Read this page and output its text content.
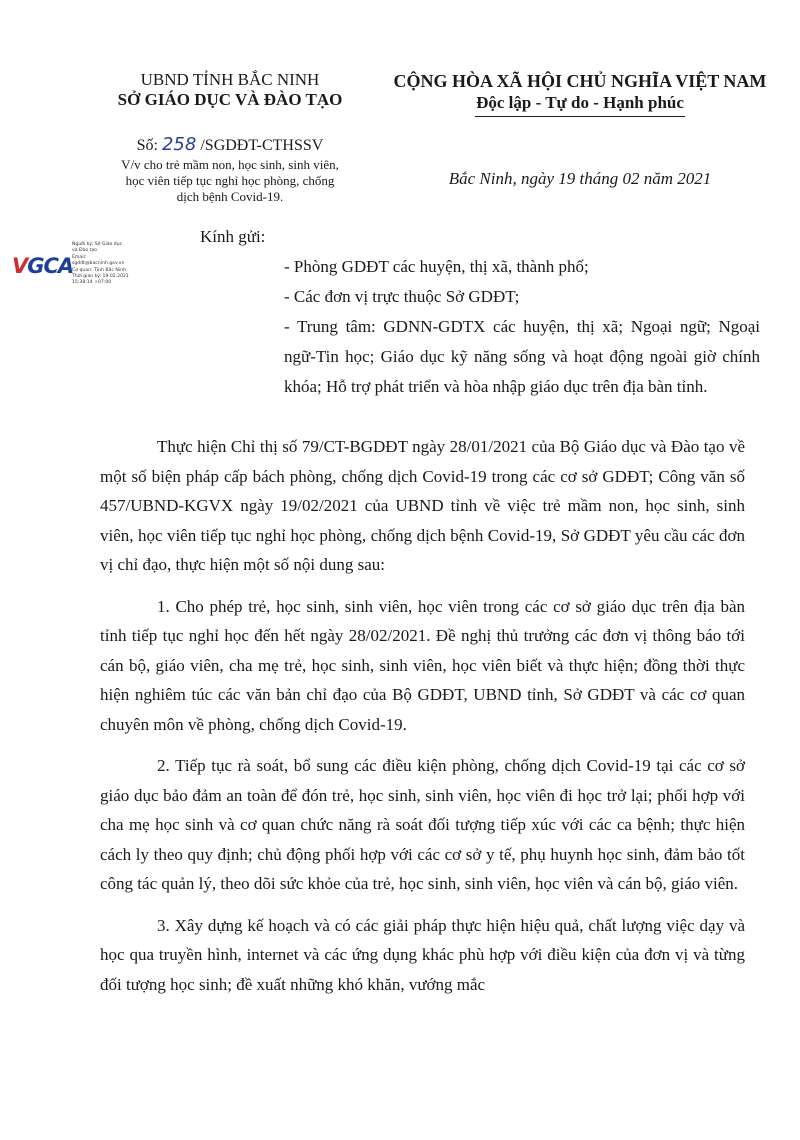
UBND TỈNH BẮC NINH
SỞ GIÁO DỤC VÀ ĐÀO TẠO
Số: 258 /SGDĐT-CTHSSV
V/v cho trẻ mầm non, học sinh, sinh viên,
học viên tiếp tục nghỉ học phòng, chống
dịch bệnh Covid-19.
CỘNG HÒA XÃ HỘI CHỦ NGHĨA VIỆT NAM
Độc lập - Tự do - Hạnh phúc
Bắc Ninh, ngày 19 tháng 02 năm 2021
VGCA
Người ký: Sở Giáo dục
và Đào tạo
Email:
sgddt@bacninh.gov.vn
Cơ quan: Tỉnh Bắc Ninh
Thời gian ký: 19.02.2021
15:38:14 +07:00
Kính gửi:
- Phòng GDĐT các huyện, thị xã, thành phố;
- Các đơn vị trực thuộc Sở GDĐT;
- Trung tâm: GDNN-GDTX các huyện, thị xã; Ngoại ngữ; Ngoại ngữ-Tin học; Giáo dục kỹ năng sống và hoạt động ngoài giờ chính khóa; Hỗ trợ phát triển và hòa nhập giáo dục trên địa bàn tỉnh.

Thực hiện Chỉ thị số 79/CT-BGDĐT ngày 28/01/2021 của Bộ Giáo dục và Đào tạo về một số biện pháp cấp bách phòng, chống dịch Covid-19 trong các cơ sở GDĐT; Công văn số 457/UBND-KGVX ngày 19/02/2021 của UBND tỉnh về việc trẻ mầm non, học sinh, sinh viên, học viên tiếp tục nghỉ học phòng, chống dịch bệnh Covid-19, Sở GDĐT yêu cầu các đơn vị chỉ đạo, thực hiện một số nội dung sau:

1. Cho phép trẻ, học sinh, sinh viên, học viên trong các cơ sở giáo dục trên địa bàn tỉnh tiếp tục nghỉ học đến hết ngày 28/02/2021. Đề nghị thủ trưởng các đơn vị thông báo tới cán bộ, giáo viên, cha mẹ trẻ, học sinh, sinh viên, học viên biết và thực hiện; đồng thời thực hiện nghiêm túc các văn bản chỉ đạo của Bộ GDĐT, UBND tỉnh, Sở GDĐT và các cơ quan chuyên môn về phòng, chống dịch Covid-19.

2. Tiếp tục rà soát, bổ sung các điều kiện phòng, chống dịch Covid-19 tại các cơ sở giáo dục bảo đảm an toàn để đón trẻ, học sinh, sinh viên, học viên đi học trở lại; phối hợp với cha mẹ học sinh và cơ quan chức năng rà soát đối tượng tiếp xúc với các ca bệnh; thực hiện cách ly theo quy định; chủ động phối hợp với các cơ sở y tế, phụ huynh học sinh, đảm bảo tốt công tác quản lý, theo dõi sức khỏe của trẻ, học sinh, sinh viên, học viên và cán bộ, giáo viên.

3. Xây dựng kế hoạch và có các giải pháp thực hiện hiệu quả, chất lượng việc dạy và học qua truyền hình, internet và các ứng dụng khác phù hợp với điều kiện của đơn vị và từng đối tượng học sinh; đề xuất những khó khăn, vướng mắc
